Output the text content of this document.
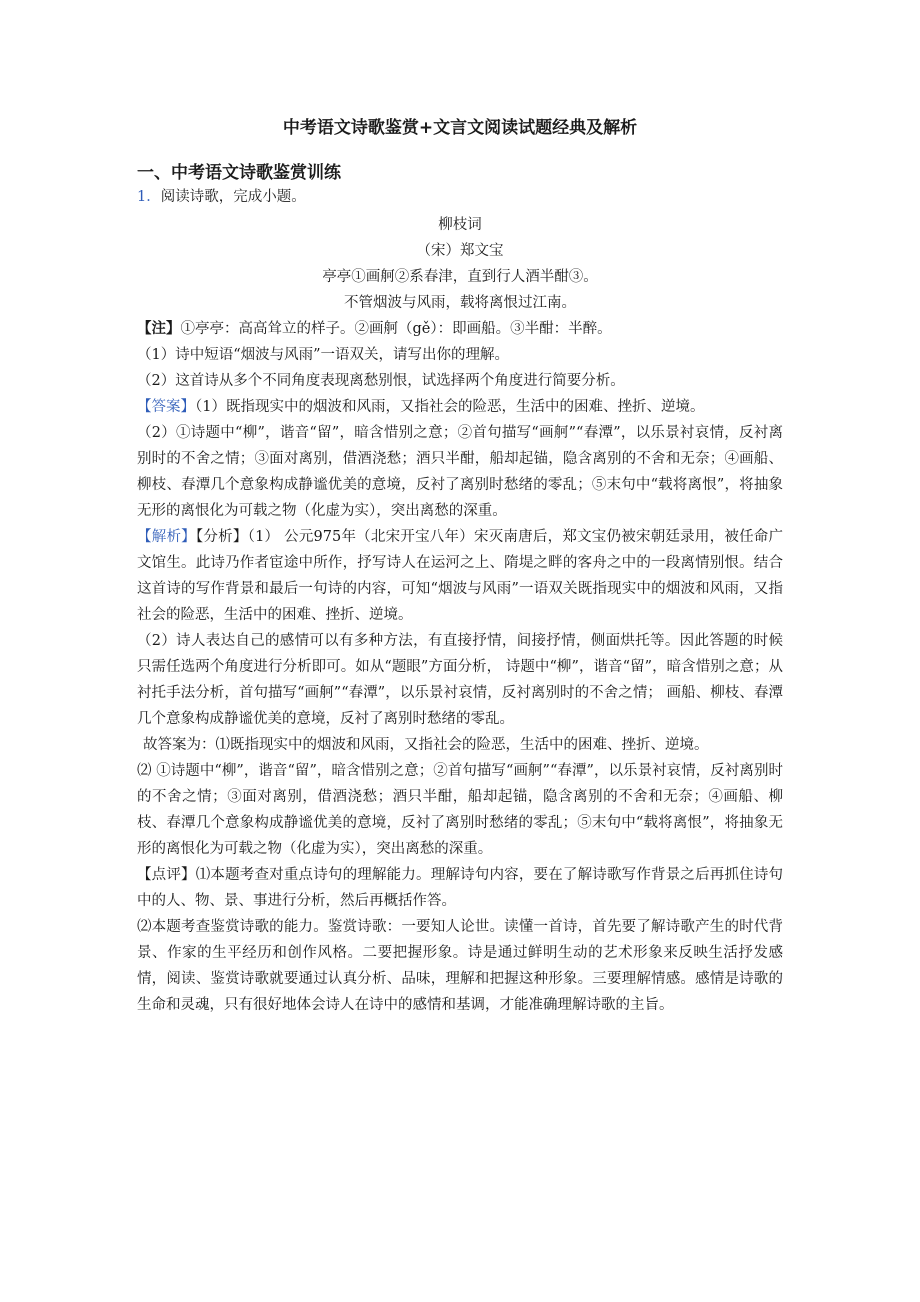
中考语文诗歌鉴赏+文言文阅读试题经典及解析
一、中考语文诗歌鉴赏训练
1．阅读诗歌，完成小题。
柳枝词
（宋）郑文宝
亭亭①画舸②系春津，直到行人酒半酣③。
不管烟波与风雨，载将离恨过江南。
【注】①亭亭：高高耸立的样子。②画舸（gě）：即画船。③半酣：半醉。
（1）诗中短语“烟波与风雨”一语双关，请写出你的理解。
（2）这首诗从多个不同角度表现离愁别恨，试选择两个角度进行简要分析。
【答案】（1）既指现实中的烟波和风雨，又指社会的险恶，生活中的困难、挫折、逆境。
（2）①诗题中“柳”，谐音“留”，暗含惜别之意；②首句描写“画舸”“春潭”，以乐景衬哀情，反衬离别时的不舍之情；③面对离别，借酒浇愁；酒只半酣，船却起锚，隐含离别的不舍和无奈；④画船、柳枝、春潭几个意象构成静谧优美的意境，反衬了离别时愁绪的零乱；⑤末句中“载将离恨”，将抽象无形的离恨化为可载之物（化虚为实），突出离愁的深重。
【解析】【分析】（1） 公元975年（北宋开宝八年）宋灭南唐后，郑文宝仍被宋朝廷录用，被任命广文馆生。此诗乃作者宦途中所作，抒写诗人在运河之上、隋堤之畔的客舟之中的一段离情别恨。结合这首诗的写作背景和最后一句诗的内容，可知“烟波与风雨”一语双关既指现实中的烟波和风雨，又指社会的险恶，生活中的困难、挫折、逆境。
（2）诗人表达自己的感情可以有多种方法，有直接抒情，间接抒情，侧面烘托等。因此答题的时候只需任选两个角度进行分析即可。如从“题眼”方面分析， 诗题中“柳”，谐音“留”，暗含惜别之意；从衬托手法分析，首句描写“画舸”“春潭”，以乐景衬哀情，反衬离别时的不舍之情； 画船、柳枝、春潭几个意象构成静谧优美的意境，反衬了离别时愁绪的零乱。
故答案为：⑴既指现实中的烟波和风雨，又指社会的险恶，生活中的困难、挫折、逆境。
⑵ ①诗题中“柳”，谐音“留”，暗含惜别之意；②首句描写“画舸”“春潭”，以乐景衬哀情，反衬离别时的不舍之情；③面对离别，借酒浇愁；酒只半酣，船却起锚，隐含离别的不舍和无奈；④画船、柳枝、春潭几个意象构成静谧优美的意境，反衬了离别时愁绪的零乱；⑤末句中“载将离恨”，将抽象无形的离恨化为可载之物（化虚为实），突出离愁的深重。
【点评】⑴本题考查对重点诗句的理解能力。理解诗句内容，要在了解诗歌写作背景之后再抓住诗句中的人、物、景、事进行分析，然后再概括作答。
⑵本题考查鉴赏诗歌的能力。鉴赏诗歌：一要知人论世。读懂一首诗，首先要了解诗歌产生的时代背景、作家的生平经历和创作风格。二要把握形象。诗是通过鲜明生动的艺术形象来反映生活抒发感情，阅读、鉴赏诗歌就要通过认真分析、品味，理解和把握这种形象。三要理解情感。感情是诗歌的生命和灵魂，只有很好地体会诗人在诗中的感情和基调，才能准确理解诗歌的主旨。
